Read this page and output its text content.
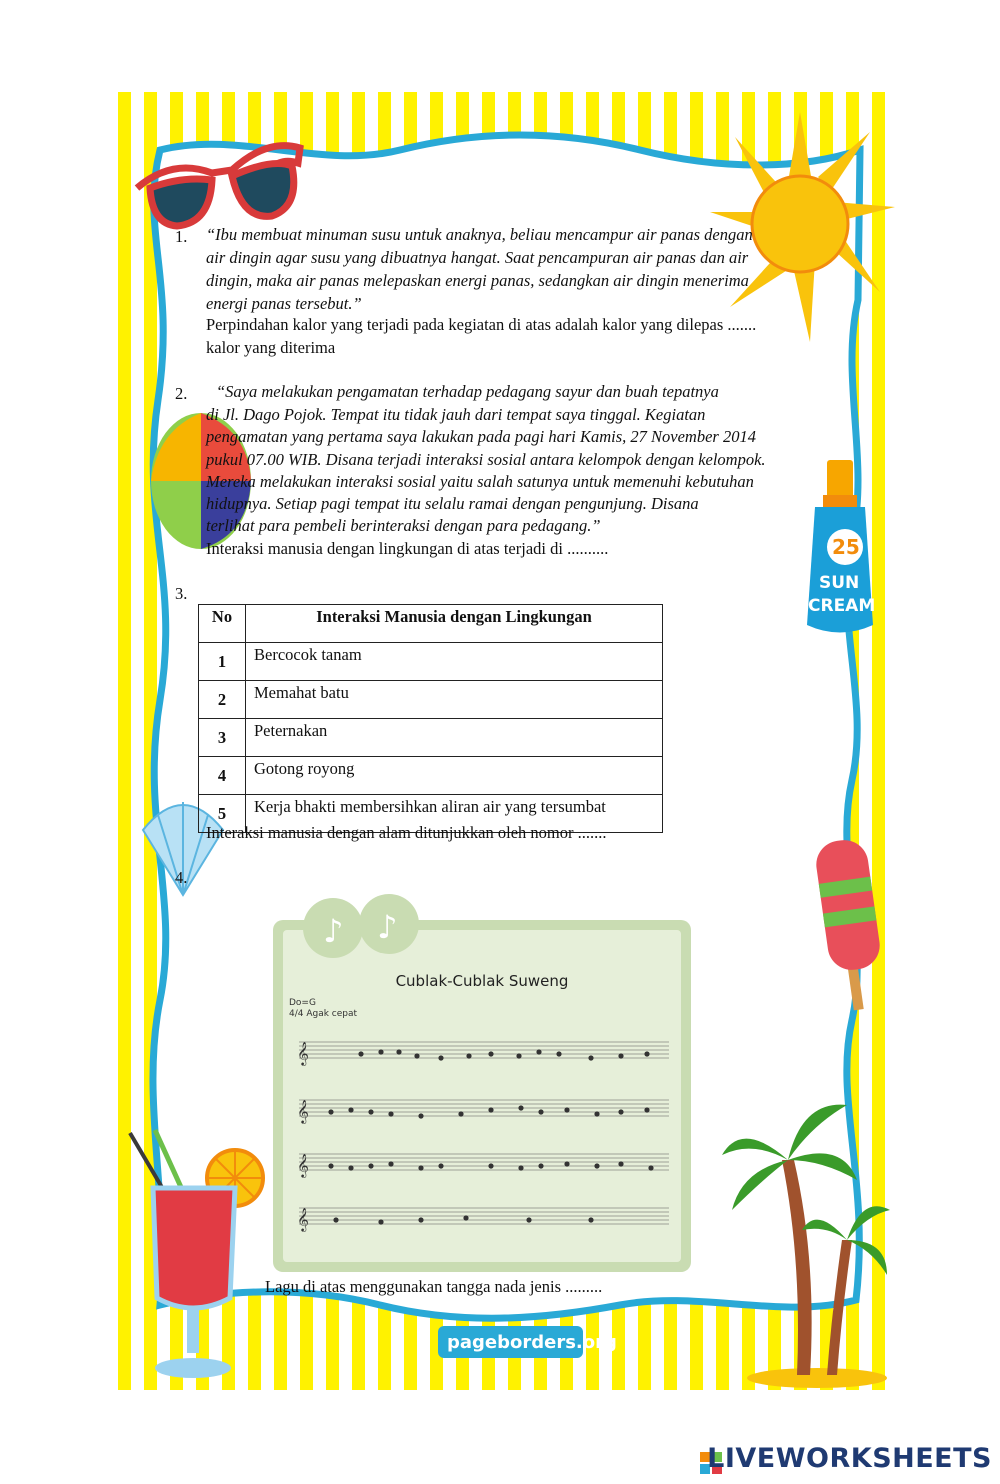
25
SUN
CREAM
pageborders.org
1. “Ibu membuat minuman susu untuk anaknya, beliau mencampur air panas dengan
air dingin agar susu yang dibuatnya hangat. Saat pencampuran air panas dan air
dingin, maka air panas melepaskan energi panas, sedangkan air dingin menerima
energi panas tersebut.”
Perpindahan kalor yang terjadi pada kegiatan di atas adalah kalor yang dilepas .......
kalor yang diterima
2. “Saya melakukan pengamatan terhadap pedagang sayur dan buah tepatnya
di Jl. Dago Pojok. Tempat itu tidak jauh dari tempat saya tinggal. Kegiatan
pengamatan yang pertama saya lakukan pada pagi hari Kamis, 27 November 2014
pukul 07.00 WIB. Disana terjadi interaksi sosial antara kelompok dengan kelompok.
Mereka melakukan interaksi sosial yaitu salah satunya untuk memenuhi kebutuhan
hidupnya. Setiap pagi tempat itu selalu ramai dengan pengunjung. Disana
terlihat para pembeli berinteraksi dengan para pedagang.”
Interaksi manusia dengan lingkungan di atas terjadi di ..........
3.
No	Interaksi Manusia dengan Lingkungan
1	Bercocok tanam
2	Memahat batu
3	Peternakan
4	Gotong royong
5	Kerja bhakti membersihkan aliran air yang tersumbat
Interaksi manusia dengan alam ditunjukkan oleh nomor .......
4.
♪ ♪
Cublak-Cublak Suweng
Do=G
4/4 Agak cepat
𝄞
𝄞
𝄞
𝄞
Lagu di atas menggunakan tangga nada jenis .........
LIVEWORKSHEETS
